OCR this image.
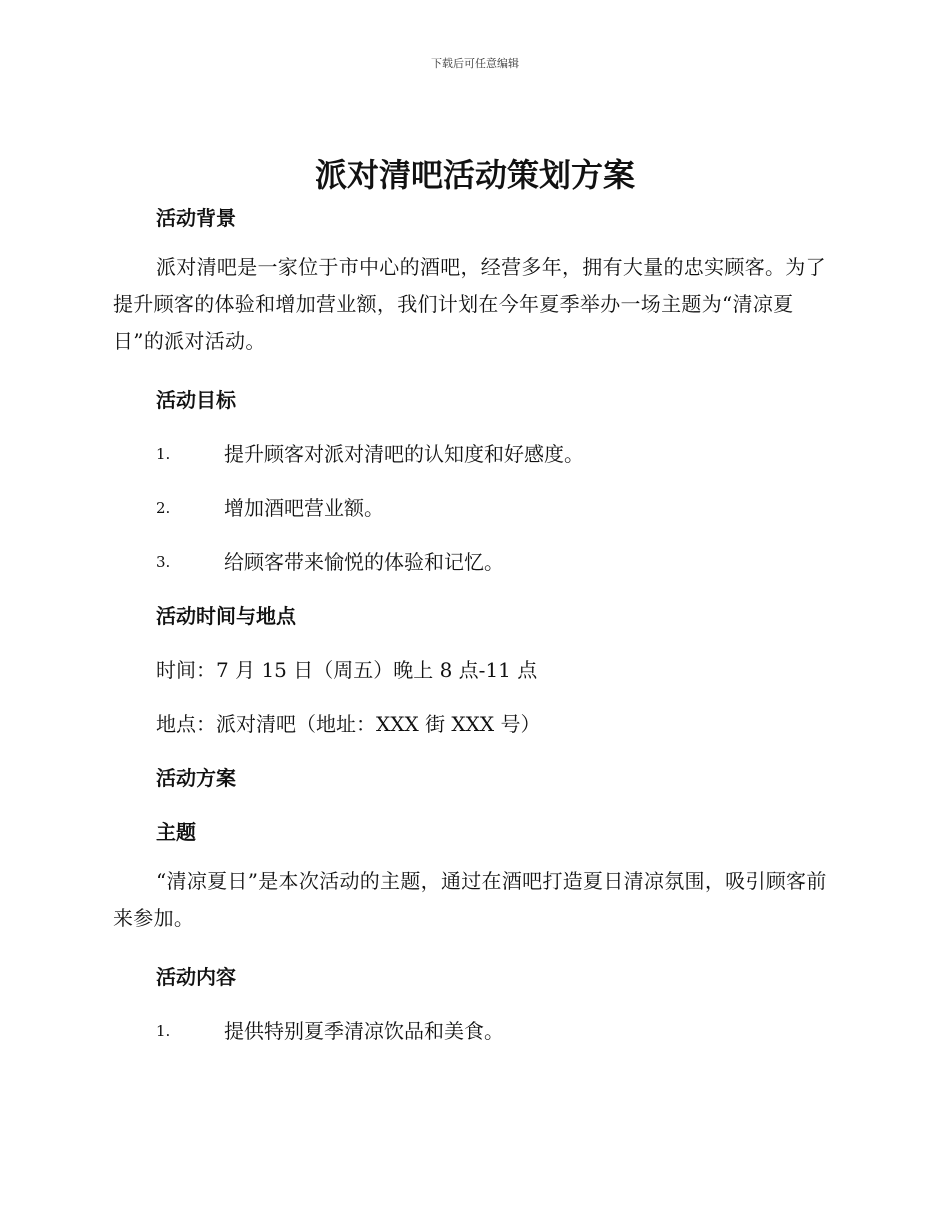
下载后可任意编辑
派对清吧活动策划方案

活动背景

派对清吧是一家位于市中心的酒吧，经营多年，拥有大量的忠实顾客。为了提升顾客的体验和增加营业额，我们计划在今年夏季举办一场主题为“清凉夏日”的派对活动。

活动目标

1.	提升顾客对派对清吧的认知度和好感度。
2.	增加酒吧营业额。
3.	给顾客带来愉悦的体验和记忆。

活动时间与地点

时间：7 月 15 日（周五）晚上 8 点-11 点

地点：派对清吧（地址：XXX 街 XXX 号）

活动方案

主题

“清凉夏日”是本次活动的主题，通过在酒吧打造夏日清凉氛围，吸引顾客前来参加。

活动内容

1.	提供特别夏季清凉饮品和美食。
